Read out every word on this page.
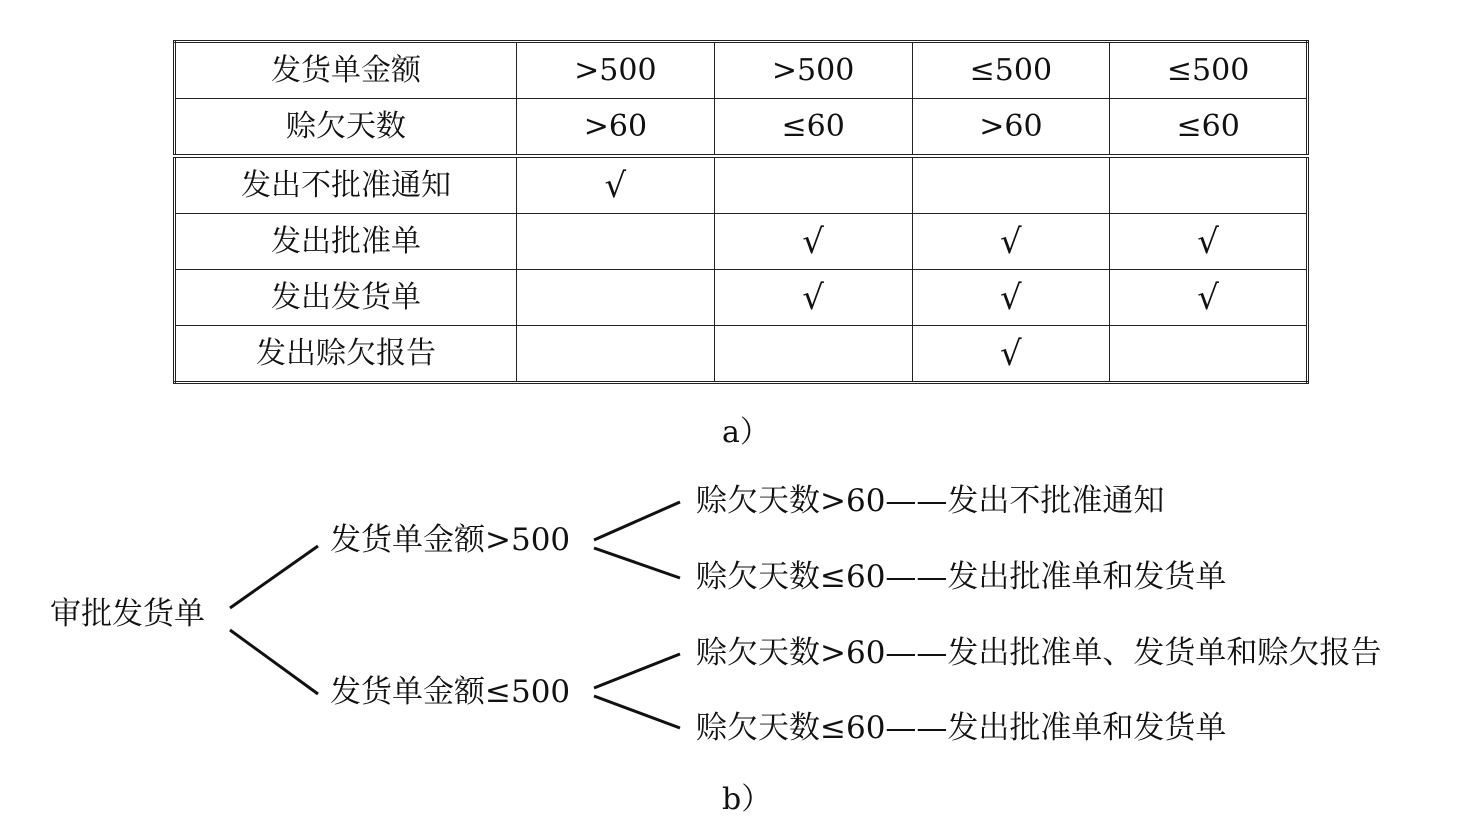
发货单金额	>500	>500	≤500	≤500
赊欠天数	>60	≤60	>60	≤60
发出不批准通知	√			
发出批准单		√	√	√
发出发货单		√	√	√
发出赊欠报告			√	
a）
审批发货单
发货单金额>500
发货单金额≤500
赊欠天数>60——发出不批准通知
赊欠天数≤60——发出批准单和发货单
赊欠天数>60——发出批准单、发货单和赊欠报告
赊欠天数≤60——发出批准单和发货单
b）
